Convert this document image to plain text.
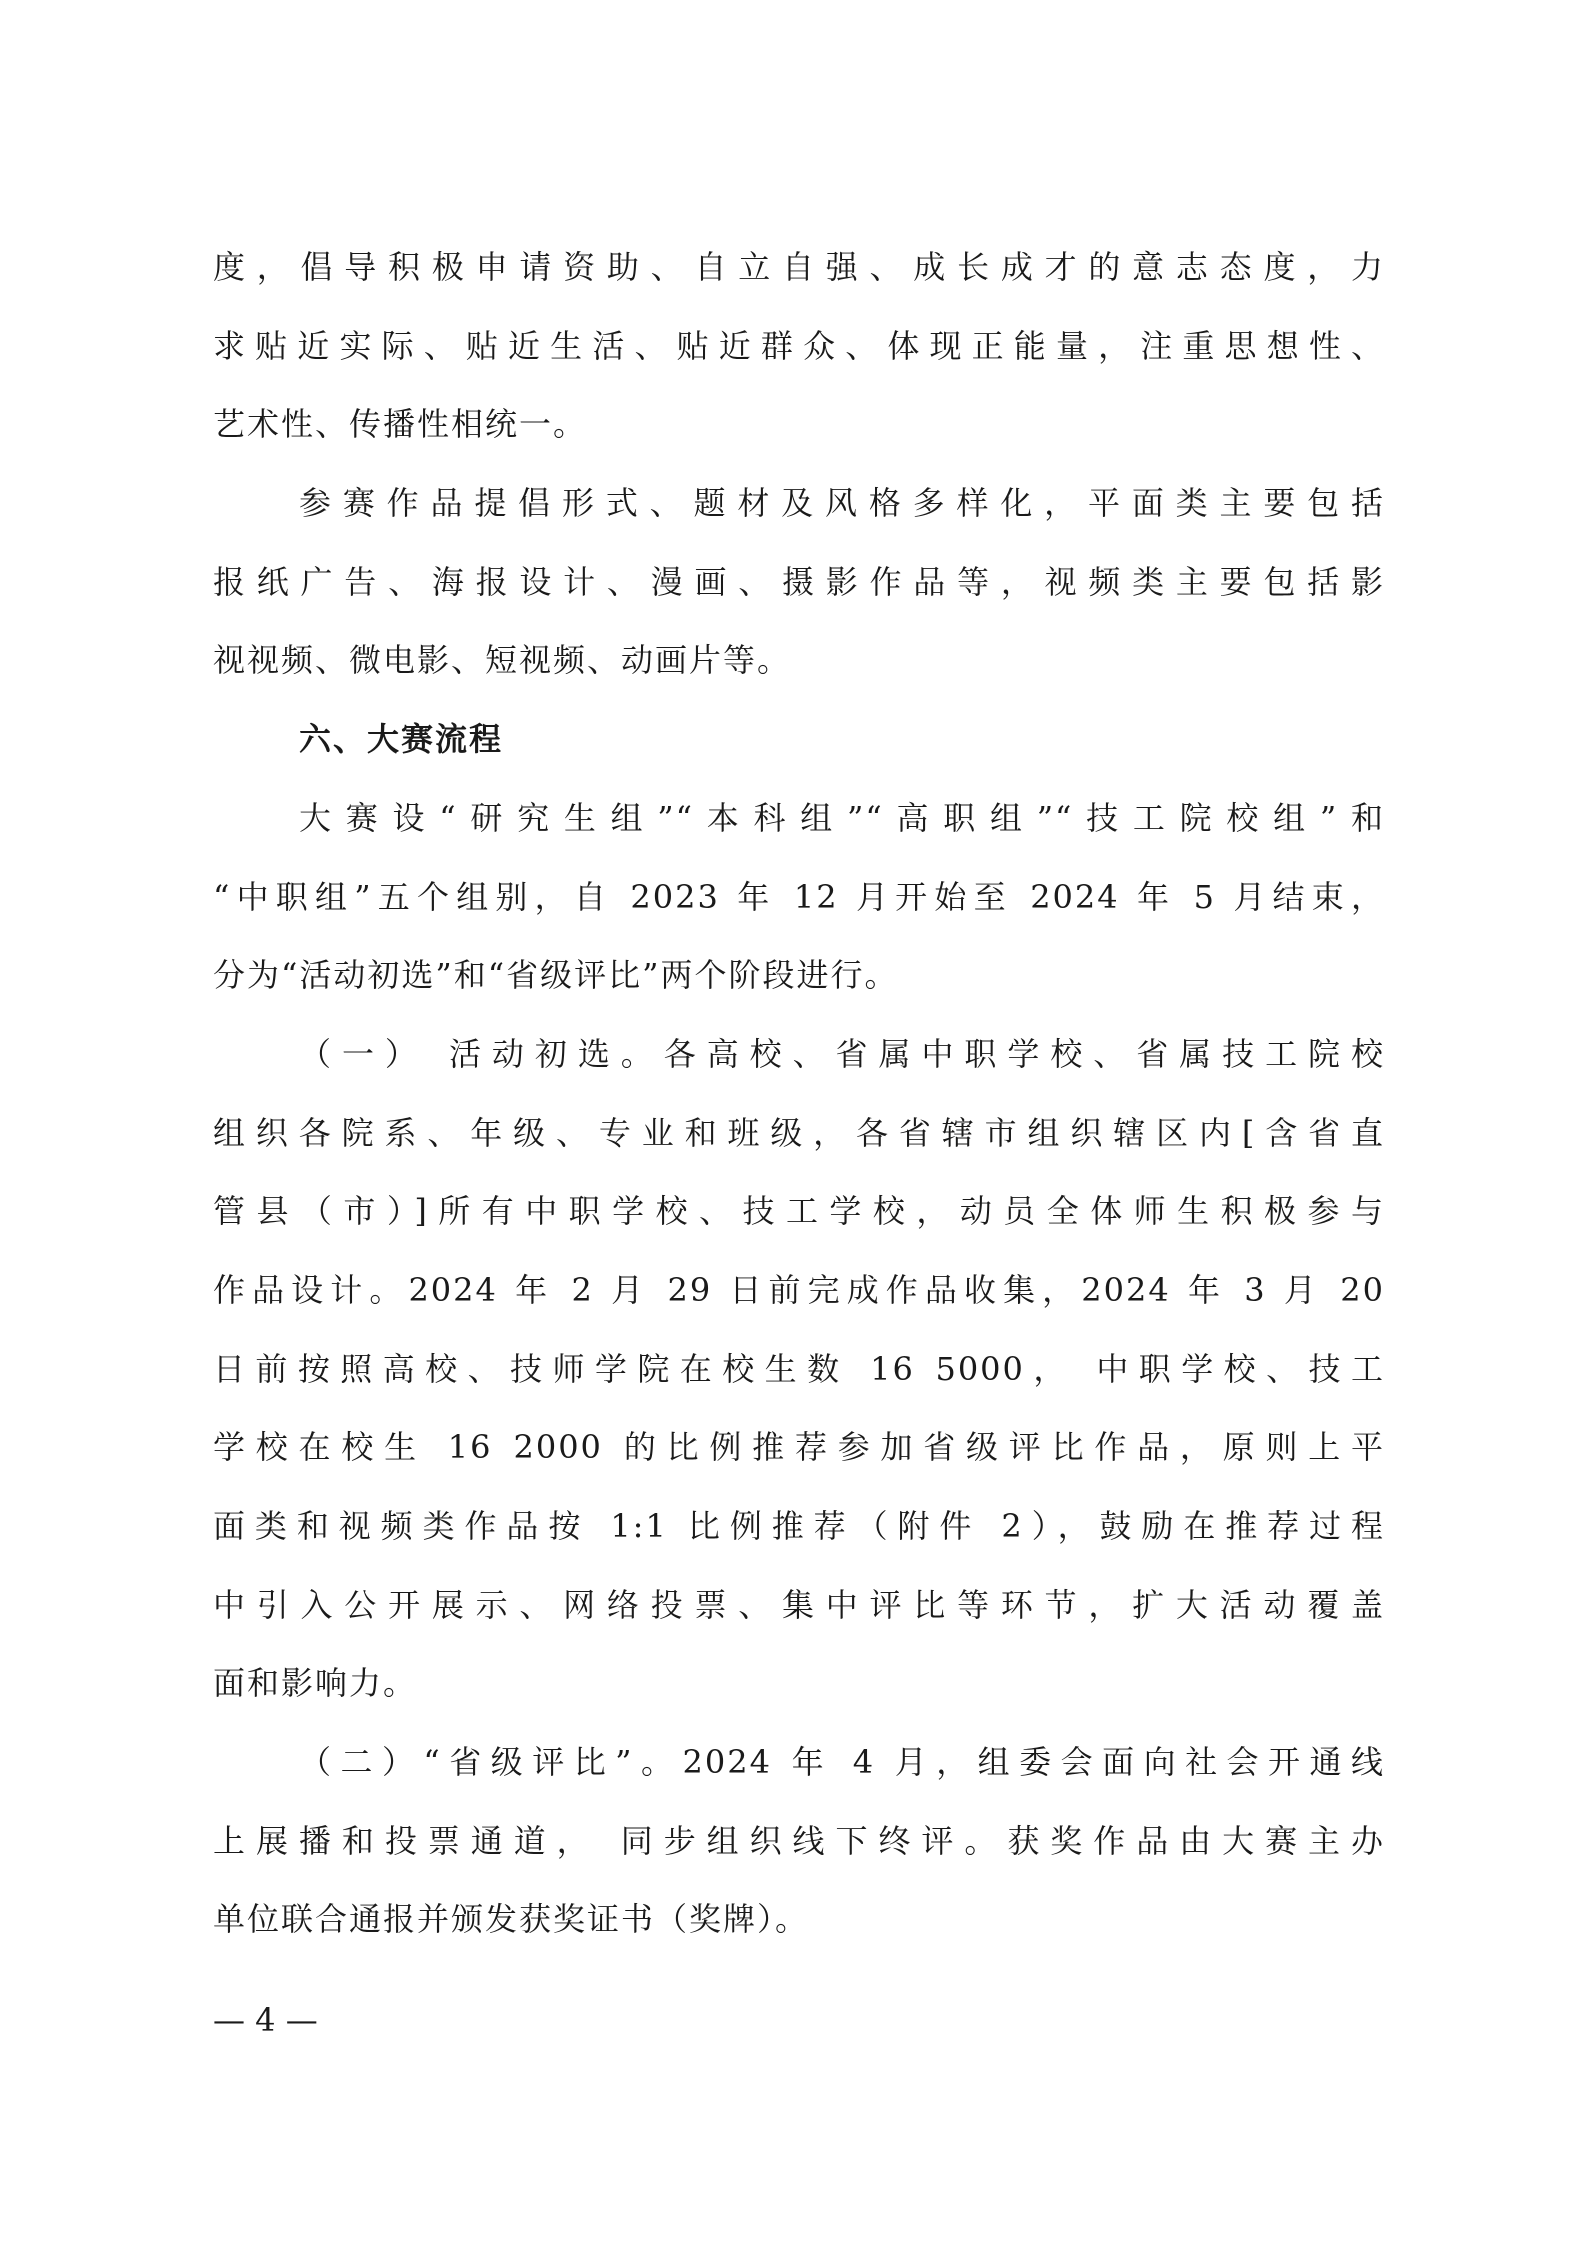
度，倡导积极申请资助、自立自强、成长成才的意志态度，力
求贴近实际、贴近生活、贴近群众、体现正能量，注重思想性、
艺术性、传播性相统一。
参赛作品提倡形式、题材及风格多样化，平面类主要包括
报纸广告、海报设计、漫画、摄影作品等，视频类主要包括影
视视频、微电影、短视频、动画片等。
六、大赛流程
大赛设“研究生组”“本科组”“高职组”“技工院校组”和
“中职组”五个组别，自 2023 年 12 月开始至 2024 年 5 月结束，
分为“活动初选”和“省级评比”两个阶段进行。
（一） 活动初选。各高校、省属中职学校、省属技工院校
组织各院系、年级、专业和班级，各省辖市组织辖区内[含省直
管县（市）]所有中职学校、技工学校，动员全体师生积极参与
作品设计。2024 年 2 月 29 日前完成作品收集，2024 年 3 月 20
日前按照高校、技师学院在校生数 16 5000， 中职学校、技工
学校在校生 16 2000 的比例推荐参加省级评比作品，原则上平
面类和视频类作品按 1:1 比例推荐（附件 2），鼓励在推荐过程
中引入公开展示、网络投票、集中评比等环节，扩大活动覆盖
面和影响力。
（二）“省级评比”。2024 年 4 月，组委会面向社会开通线
上展播和投票通道， 同步组织线下终评。获奖作品由大赛主办
单位联合通报并颁发获奖证书（奖牌）。
— 4 —
